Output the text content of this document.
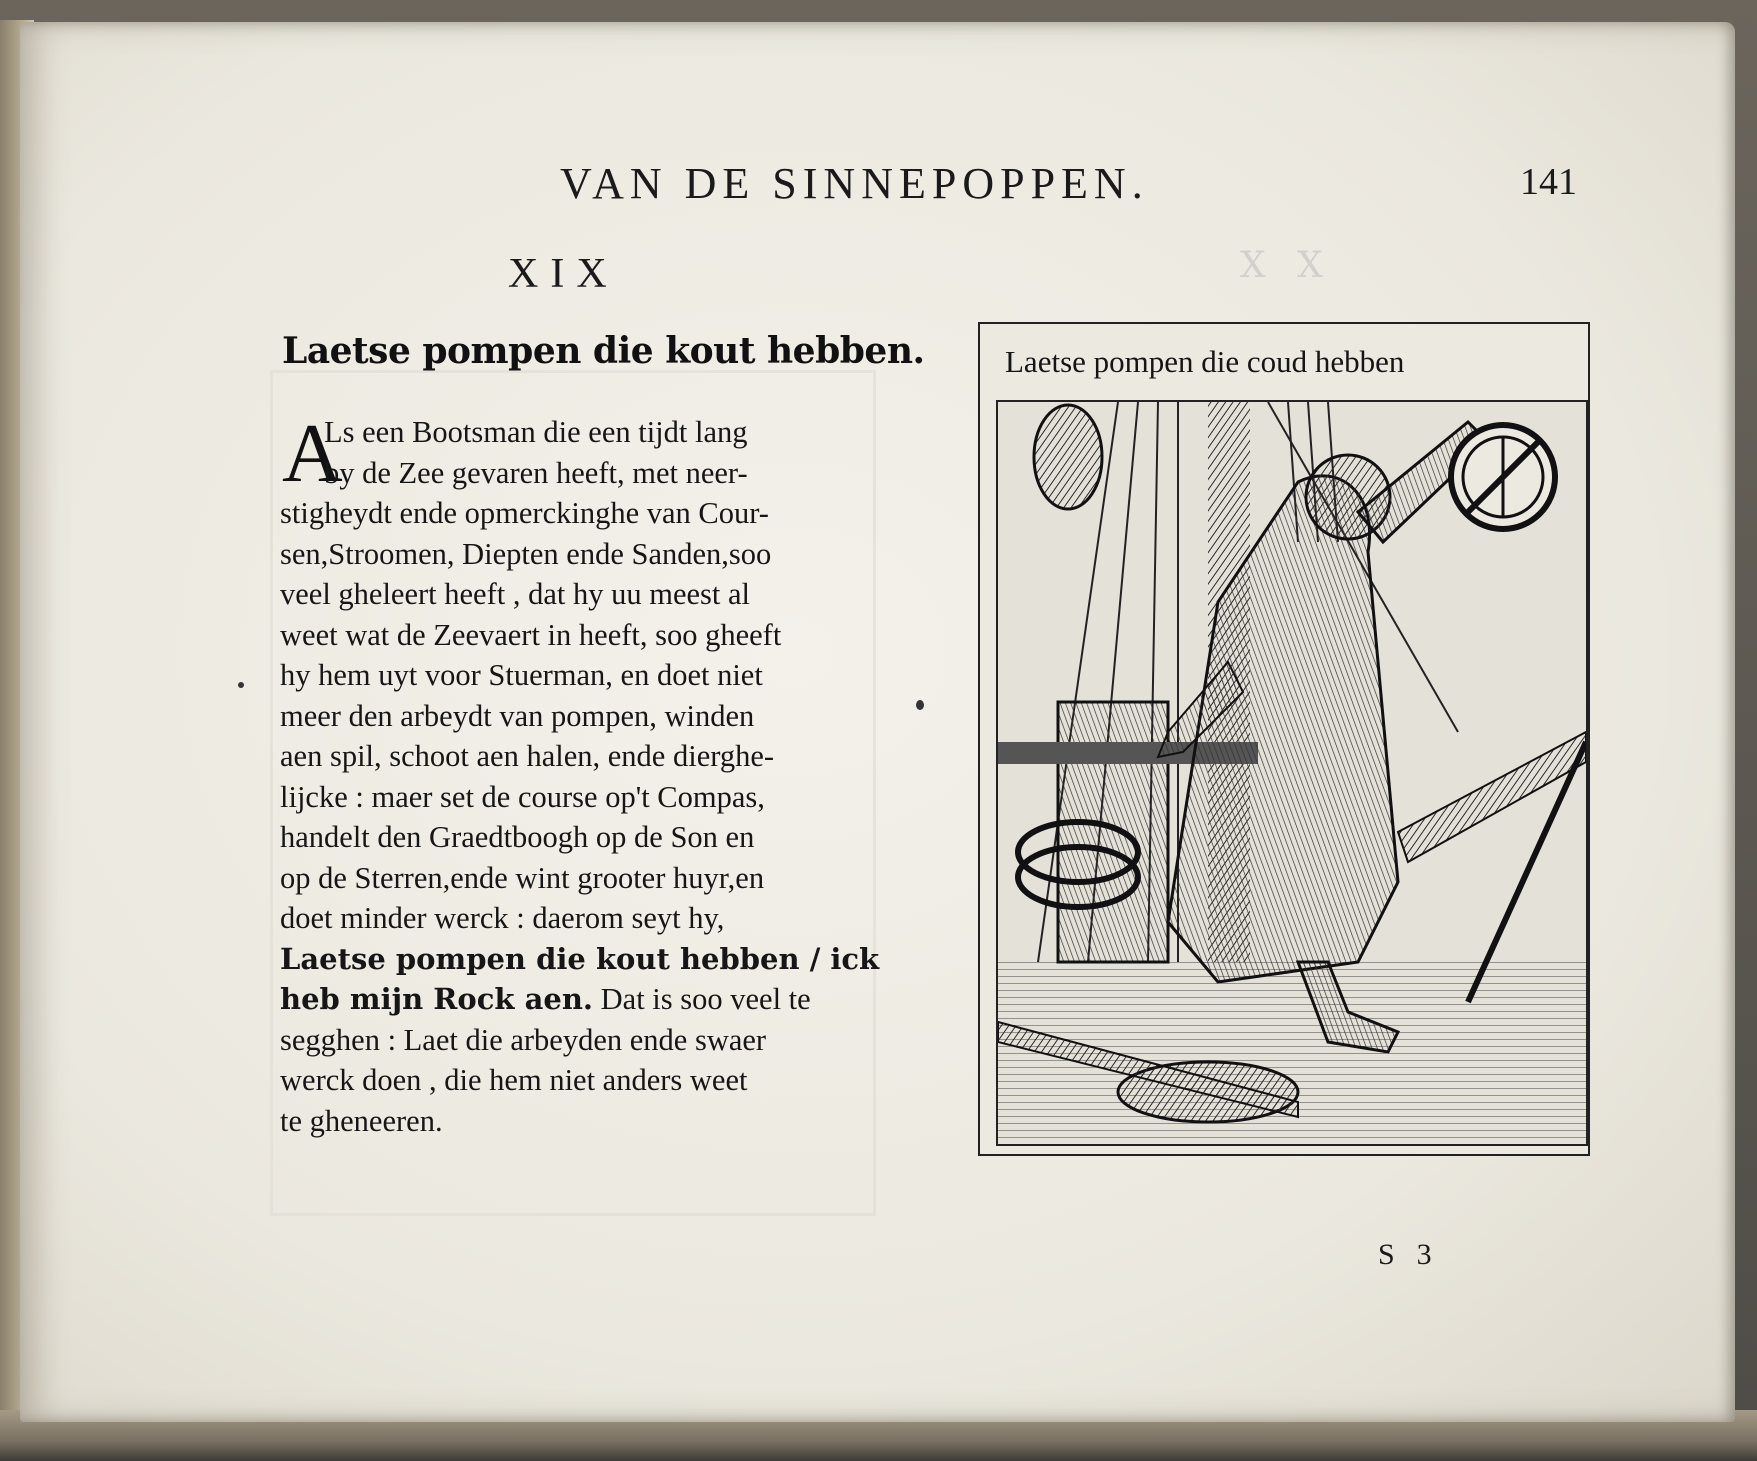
X X

VAN DE SINNEPOPPEN.	141
XIX
Laetse pompen die kout hebben.
A
Ls een Bootsman die een tijdt lang
by de Zee gevaren heeft, met neer-
stigheydt ende opmerckinghe van Cour-
sen,Stroomen, Diepten ende Sanden,soo
veel gheleert heeft , dat hy uu meest al
weet wat de Zeevaert in heeft, soo gheeft
hy hem uyt voor Stuerman, en doet niet
meer den arbeydt van pompen, winden
aen spil, schoot aen halen, ende dierghe-
lijcke : maer set de course op't Compas,
handelt den Graedtboogh op de Son en
op de Sterren,ende wint grooter huyr,en
doet minder werck : daerom seyt hy,
Laetse pompen die kout hebben / ick
heb mijn Rock aen. Dat is soo veel te
segghen : Laet die arbeyden ende swaer
werck doen , die hem niet anders weet
te gheneeren.
Laetse pompen die coud hebben
S3
